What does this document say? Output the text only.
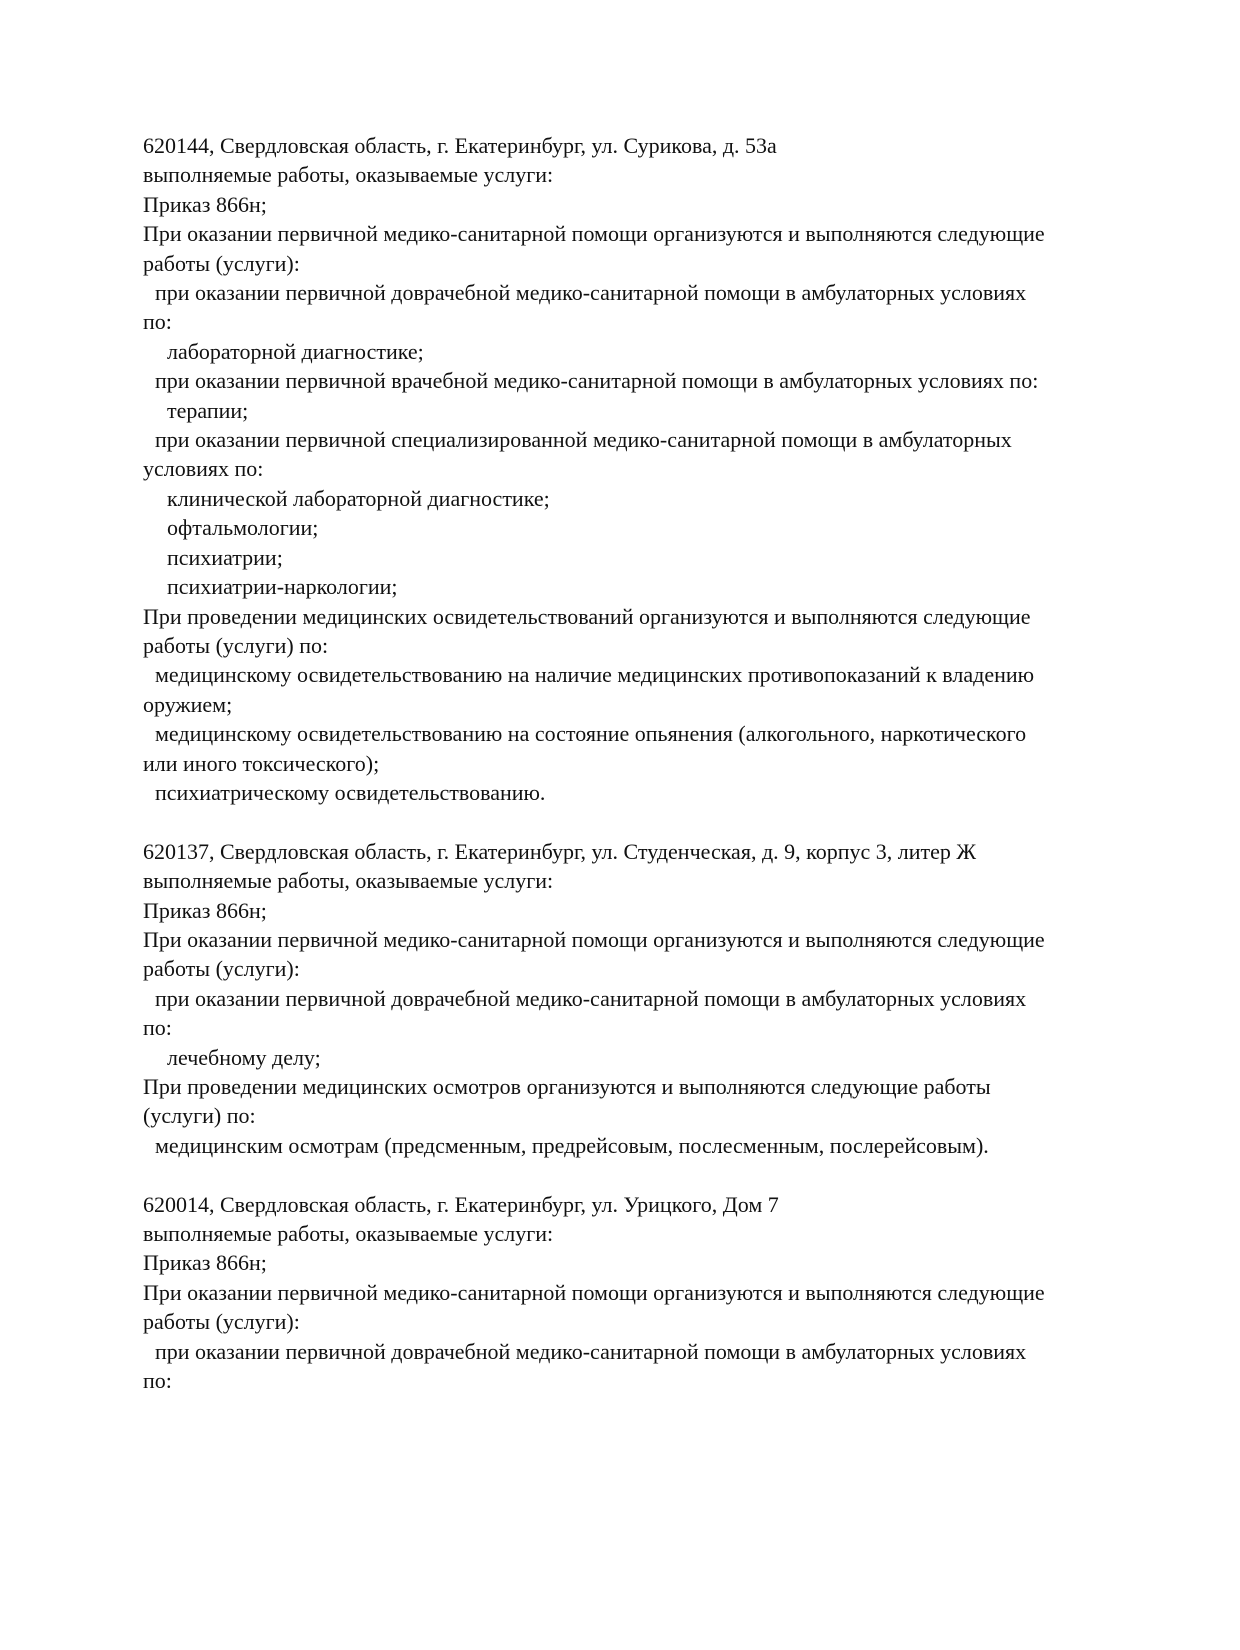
620144, Свердловская область, г. Екатеринбург, ул. Сурикова, д. 53а
выполняемые работы, оказываемые услуги:
Приказ 866н;
При оказании первичной медико-санитарной помощи организуются и выполняются следующие
работы (услуги):
при оказании первичной доврачебной медико-санитарной помощи в амбулаторных условиях
по:
лабораторной диагностике;
при оказании первичной врачебной медико-санитарной помощи в амбулаторных условиях по:
терапии;
при оказании первичной специализированной медико-санитарной помощи в амбулаторных
условиях по:
клинической лабораторной диагностике;
офтальмологии;
психиатрии;
психиатрии-наркологии;
При проведении медицинских освидетельствований организуются и выполняются следующие
работы (услуги) по:
медицинскому освидетельствованию на наличие медицинских противопоказаний к владению
оружием;
медицинскому освидетельствованию на состояние опьянения (алкогольного, наркотического
или иного токсического);
психиатрическому освидетельствованию.
620137, Свердловская область, г. Екатеринбург, ул. Студенческая, д. 9, корпус 3, литер Ж
выполняемые работы, оказываемые услуги:
Приказ 866н;
При оказании первичной медико-санитарной помощи организуются и выполняются следующие
работы (услуги):
при оказании первичной доврачебной медико-санитарной помощи в амбулаторных условиях
по:
лечебному делу;
При проведении медицинских осмотров организуются и выполняются следующие работы
(услуги) по:
медицинским осмотрам (предсменным, предрейсовым, послесменным, послерейсовым).
620014, Свердловская область, г. Екатеринбург, ул. Урицкого, Дом 7
выполняемые работы, оказываемые услуги:
Приказ 866н;
При оказании первичной медико-санитарной помощи организуются и выполняются следующие
работы (услуги):
при оказании первичной доврачебной медико-санитарной помощи в амбулаторных условиях
по:
